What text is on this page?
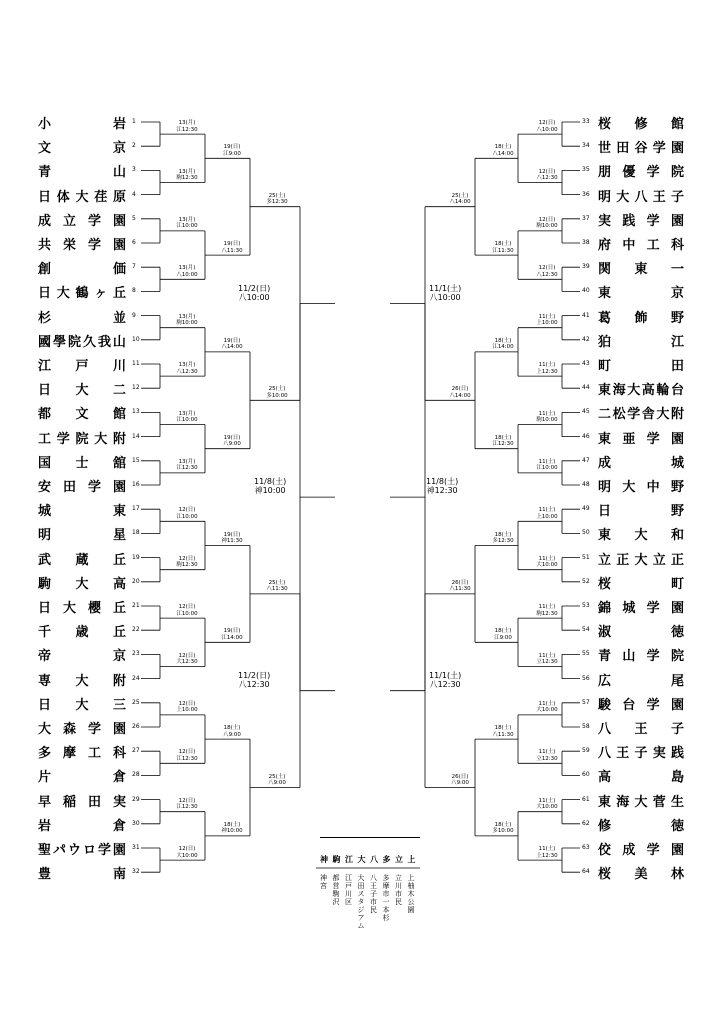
小	岩 1
文	京 2
青	山 3
日 体 大 荏 原 4
成 立 学 園 5
共 栄 学 園 6
創	価 7
日 大 鶴 ヶ 丘 8
杉	並 9
國 學 院 久 我 山 10
江 戸 川 11
日 大 二 12
都 文 館 13
工 学 院 大 附 14
国 士 舘 15
安 田 学 園 16
城	東 17
明	星 18
武 蔵 丘 19
駒 大 高 20
日 大 櫻 丘 21
千 歳 丘 22
帝	京 23
専 大 附 24
日 大 三 25
大 森 学 園 26
多 摩 工 科 27
片	倉 28
早 稲 田 実 29
岩	倉 30
聖 パ ウ ロ 学 園 31
豊	南 32
13(月)
江12:30
13(月)
駒12:30
13(月)
江10:00
13(月)
八10:00
13(月)
駒10:00
13(月)
八12:30
13(月)
江10:00
13(月)
江12:30
12(日)
江10:00
12(日)
駒12:30
12(日)
江10:00
12(日)
大12:30
12(日)
上10:00
12(日)
江12:30
12(日)
江12:30
12(日)
大10:00
19(日)
江9:00
19(日)
八11:30
19(日)
八14:00
19(日)
八9:00
19(日)
神11:30
19(日)
江14:00
18(土)
八9:00
18(土)
神10:00
25(土)
多12:30
25(土)
多10:00
25(土)
八11:30
25(土)
八9:00
11/2(日)
八10:00
11/2(日)
八12:30
11/8(土)
神10:00
33 桜 修 館
34 世 田 谷 学 園
35 朋 優 学 院
36 明 大 八 王 子
37 実 践 学 園
38 府 中 工 科
39 関 東 一
40 東	京
41 葛 飾 野
42 狛	江
43 町	田
44 東 海 大 高 輪 台
45 二 松 学 舎 大 附
46 東 亜 学 園
47 成	城
48 明 大 中 野
49 日	野
50 東 大 和
51 立 正 大 立 正
52 桜	町
53 錦 城 学 園
54 淑	徳
55 青 山 学 院
56 広	尾
57 駿 台 学 園
58 八 王 子
59 八 王 子 実 践
60 高	島
61 東 海 大 菅 生
62 修	徳
63 佼 成 学 園
64 桜 美 林
12(日)
八10:00
12(日)
八12:30
12(日)
駒10:00
12(日)
八12:30
11(土)
上10:00
11(土)
上12:30
11(土)
駒10:00
11(土)
江10:00
11(土)
上10:00
11(土)
大10:00
11(土)
駒12:30
11(土)
立12:30
11(土)
大10:00
11(土)
立12:30
11(土)
大10:00
11(土)
上12:30
18(土)
八14:00
18(土)
江11:30
18(土)
江14:00
18(土)
江12:30
18(土)
多12:30
18(土)
江9:00
18(土)
八11:30
18(土)
多10:00
25(土)
八14:00
26(日)
八14:00
26(日)
八11:30
26(日)
八9:00
11/1(土)
八10:00
11/1(土)
八12:30
11/8(土)
神12:30
神 駒 江 大 八 多 立 上
神
宮
都
営
駒
沢
江
戸
川
区
大
田
ス
タ
ジ
ア
ム
八
王
子
市
民
多
摩
市
一
本
杉
立
川
市
民
上
柚
木
公
園
